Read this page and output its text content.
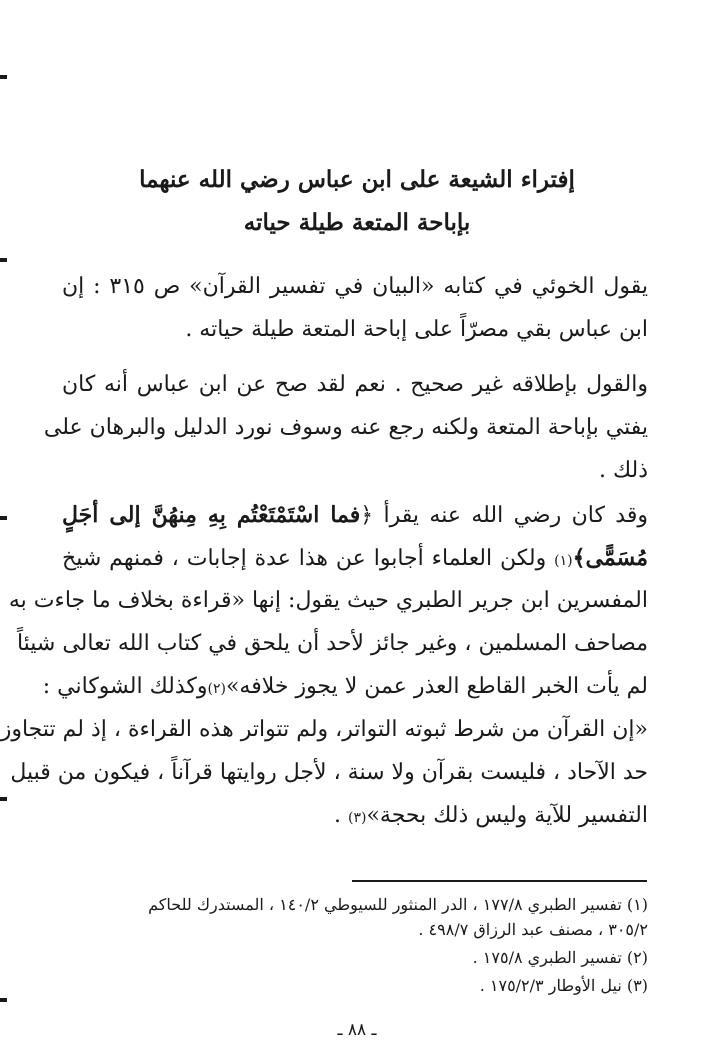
إفتراء الشيعة على ابن عباس رضي الله عنهما
بإباحة المتعة طيلة حياته
يقول الخوئي في كتابه «البيان في تفسير القرآن» ص ٣١٥ : إن
ابن عباس بقي مصرّاً على إباحة المتعة طيلة حياته .
والقول بإطلاقه غير صحيح . نعم لقد صح عن ابن عباس أنه كان
يفتي بإباحة المتعة ولكنه رجع عنه وسوف نورد الدليل والبرهان على
ذلك .
وقد كان رضي الله عنه يقرأ ﴿فما اسْتَمْتَعْتُم بِهِ مِنهُنَّ إلى أجَلٍ
مُسَمًّى﴾(١) ولكن العلماء أجابوا عن هذا عدة إجابات ، فمنهم شيخ
المفسرين ابن جرير الطبري حيث يقول: إنها «قراءة بخلاف ما جاءت به
مصاحف المسلمين ، وغير جائز لأحد أن يلحق في كتاب الله تعالى شيئاً
لم يأت الخبر القاطع العذر عمن لا يجوز خلافه»(٢)وكذلك الشوكاني :
«إن القرآن من شرط ثبوته التواتر، ولم تتواتر هذه القراءة ، إذ لم تتجاوز
حد الآحاد ، فليست بقرآن ولا سنة ، لأجل روايتها قرآناً ، فيكون من قبيل
التفسير للآية وليس ذلك بحجة»(٣) .
(١) تفسير الطبري ١٧٧/٨ ، الدر المنثور للسيوطي ١٤٠/٢ ، المستدرك للحاكم
٣٠٥/٢ ، مصنف عبد الرزاق ٤٩٨/٧ .
(٢) تفسير الطبري ١٧٥/٨ .
(٣) نيل الأوطار ١٧٥/٢/٣ .
ـ ٨٨ ـ
